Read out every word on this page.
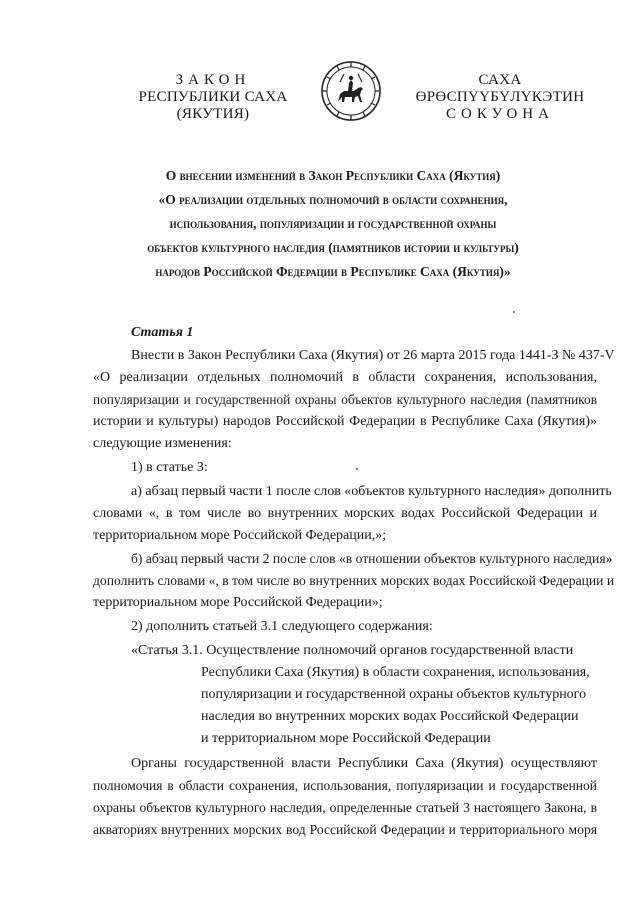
ЗАКОН
РЕСПУБЛИКИ САХА (ЯКУТИЯ)
САХА ӨРӨСПҮҮБҮЛҮКЭТИН
СОКУОНА
О внесении изменений в Закон Республики Саха (Якутия)
«О реализации отдельных полномочий в области сохранения,
использования, популяризации и государственной охраны
объектов культурного наследия (памятников истории и культуры)
народов Российской Федерации в Республике Саха (Якутия)»
Статья 1
Внести в Закон Республики Саха (Якутия) от 26 марта 2015 года 1441-З № 437-V
«О реализации отдельных полномочий в области сохранения, использования,
популяризации и государственной охраны объектов культурного наследия (памятников
истории и культуры) народов Российской Федерации в Республике Саха (Якутия)»
следующие изменения:
1) в статье 3:
а) абзац первый части 1 после слов «объектов культурного наследия» дополнить
словами «, в том числе во внутренних морских водах Российской Федерации и
территориальном море Российской Федерации,»;
б) абзац первый части 2 после слов «в отношении объектов культурного наследия»
дополнить словами «, в том числе во внутренних морских водах Российской Федерации и
территориальном море Российской Федерации»;
2) дополнить статьей 3.1 следующего содержания:
«Статья 3.1. Осуществление полномочий органов государственной власти
Республики Саха (Якутия) в области сохранения, использования,
популяризации и государственной охраны объектов культурного
наследия во внутренних морских водах Российской Федерации
и территориальном море Российской Федерации
Органы государственной власти Республики Саха (Якутия) осуществляют
полномочия в области сохранения, использования, популяризации и государственной
охраны объектов культурного наследия, определенные статьей 3 настоящего Закона, в
акваториях внутренних морских вод Российской Федерации и территориального моря
